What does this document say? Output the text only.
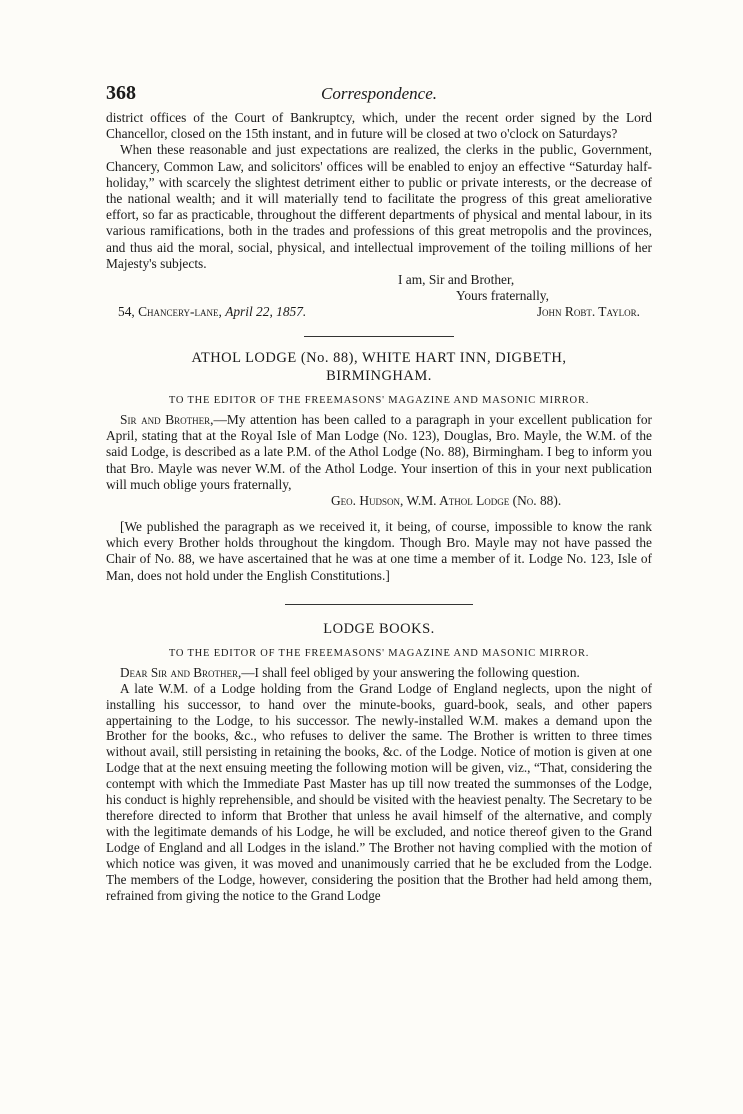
368	Correspondence.

district offices of the Court of Bankruptcy, which, under the recent order signed by the Lord Chancellor, closed on the 15th instant, and in future will be closed at two o'clock on Saturdays?

When these reasonable and just expectations are realized, the clerks in the public, Government, Chancery, Common Law, and solicitors' offices will be enabled to enjoy an effective “Saturday half-holiday,” with scarcely the slightest detriment either to public or private interests, or the decrease of the national wealth; and it will materially tend to facilitate the progress of this great ameliorative effort, so far as practicable, throughout the different departments of physical and mental labour, in its various ramifications, both in the trades and professions of this great metropolis and the provinces, and thus aid the moral, social, physical, and intellectual improvement of the toiling millions of her Majesty's subjects.

I am, Sir and Brother,
Yours fraternally,
54, Chancery-lane, April 22, 1857.	John Robt. Taylor.
ATHOL LODGE (No. 88), WHITE HART INN, DIGBETH,
BIRMINGHAM.
TO THE EDITOR OF THE FREEMASONS' MAGAZINE AND MASONIC MIRROR.

Sir and Brother,—My attention has been called to a paragraph in your excellent publication for April, stating that at the Royal Isle of Man Lodge (No. 123), Douglas, Bro. Mayle, the W.M. of the said Lodge, is described as a late P.M. of the Athol Lodge (No. 88), Birmingham. I beg to inform you that Bro. Mayle was never W.M. of the Athol Lodge. Your insertion of this in your next publication will much oblige yours fraternally,

Geo. Hudson, W.M. Athol Lodge (No. 88).

[We published the paragraph as we received it, it being, of course, impossible to know the rank which every Brother holds throughout the kingdom. Though Bro. Mayle may not have passed the Chair of No. 88, we have ascertained that he was at one time a member of it. Lodge No. 123, Isle of Man, does not hold under the English Constitutions.]

LODGE BOOKS.
TO THE EDITOR OF THE FREEMASONS' MAGAZINE AND MASONIC MIRROR.

Dear Sir and Brother,—I shall feel obliged by your answering the following question.

A late W.M. of a Lodge holding from the Grand Lodge of England neglects, upon the night of installing his successor, to hand over the minute-books, guard-book, seals, and other papers appertaining to the Lodge, to his successor. The newly-installed W.M. makes a demand upon the Brother for the books, &c., who refuses to deliver the same. The Brother is written to three times without avail, still persisting in retaining the books, &c. of the Lodge. Notice of motion is given at one Lodge that at the next ensuing meeting the following motion will be given, viz., “That, considering the contempt with which the Immediate Past Master has up till now treated the summonses of the Lodge, his conduct is highly reprehensible, and should be visited with the heaviest penalty. The Secretary to be therefore directed to inform that Brother that unless he avail himself of the alternative, and comply with the legitimate demands of his Lodge, he will be excluded, and notice thereof given to the Grand Lodge of England and all Lodges in the island.” The Brother not having complied with the motion of which notice was given, it was moved and unanimously carried that he be excluded from the Lodge. The members of the Lodge, however, considering the position that the Brother had held among them, refrained from giving the notice to the Grand Lodge
